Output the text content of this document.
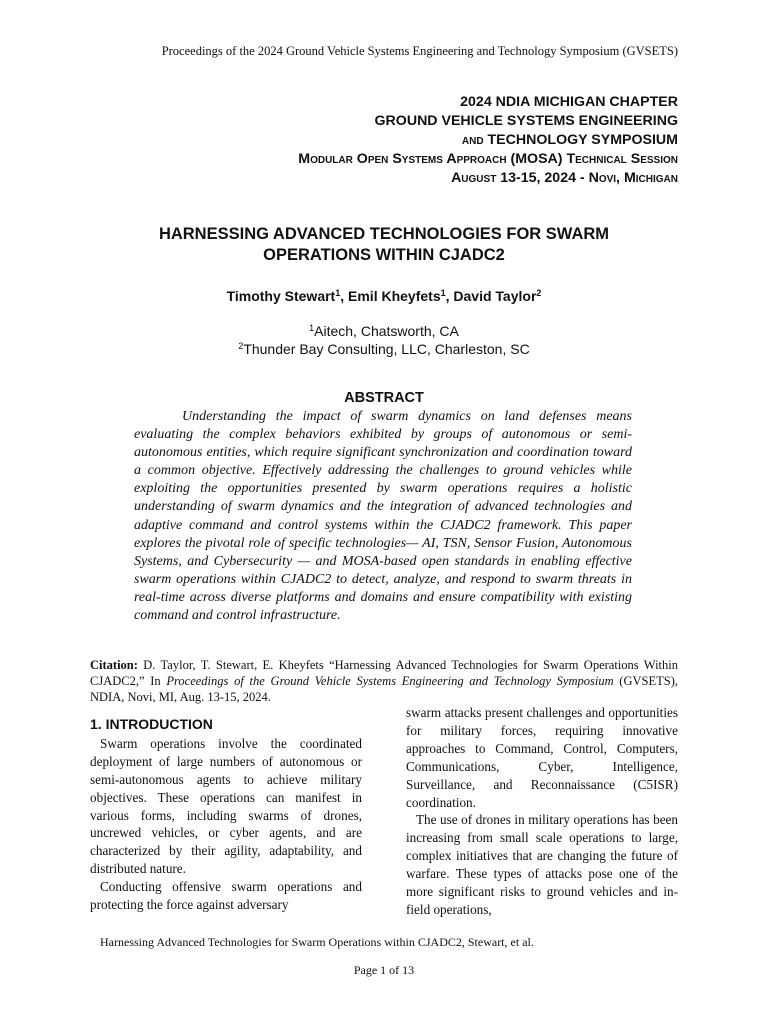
Proceedings of the 2024 Ground Vehicle Systems Engineering and Technology Symposium (GVSETS)
2024 NDIA MICHIGAN CHAPTER
GROUND VEHICLE SYSTEMS ENGINEERING
and TECHNOLOGY SYMPOSIUM
Modular Open Systems Approach (MOSA) Technical Session
August 13-15, 2024 - Novi, Michigan
HARNESSING ADVANCED TECHNOLOGIES FOR SWARM
OPERATIONS WITHIN CJADC2
Timothy Stewart$^1$, Emil Kheyfets$^1$, David Taylor$^2$
$^1$Aitech, Chatsworth, CA
$^2$Thunder Bay Consulting, LLC, Charleston, SC
ABSTRACT

Understanding the impact of swarm dynamics on land defenses means evaluating the complex behaviors exhibited by groups of autonomous or semi-autonomous entities, which require significant synchronization and coordination toward a common objective. Effectively addressing the challenges to ground vehicles while exploiting the opportunities presented by swarm operations requires a holistic understanding of swarm dynamics and the integration of advanced technologies and adaptive command and control systems within the CJADC2 framework. This paper explores the pivotal role of specific technologies— AI, TSN, Sensor Fusion, Autonomous Systems, and Cybersecurity — and MOSA-based open standards in enabling effective swarm operations within CJADC2 to detect, analyze, and respond to swarm threats in real-time across diverse platforms and domains and ensure compatibility with existing command and control infrastructure.

Citation: D. Taylor, T. Stewart, E. Kheyfets “Harnessing Advanced Technologies for Swarm Operations Within CJADC2,” In Proceedings of the Ground Vehicle Systems Engineering and Technology Symposium (GVSETS), NDIA, Novi, MI, Aug. 13-15, 2024.

1. INTRODUCTION

Swarm operations involve the coordinated deployment of large numbers of autonomous or semi-autonomous agents to achieve military objectives. These operations can manifest in various forms, including swarms of drones, uncrewed vehicles, or cyber agents, and are characterized by their agility, adaptability, and distributed nature.

Conducting offensive swarm operations and protecting the force against adversary

swarm attacks present challenges and opportunities for military forces, requiring innovative approaches to Command, Control, Computers, Communications, Cyber, Intelligence, Surveillance, and Reconnaissance (C5ISR) coordination.

The use of drones in military operations has been increasing from small scale operations to large, complex initiatives that are changing the future of warfare. These types of attacks pose one of the more significant risks to ground vehicles and in-field operations,

Harnessing Advanced Technologies for Swarm Operations within CJADC2, Stewart, et al.
Page 1 of 13
